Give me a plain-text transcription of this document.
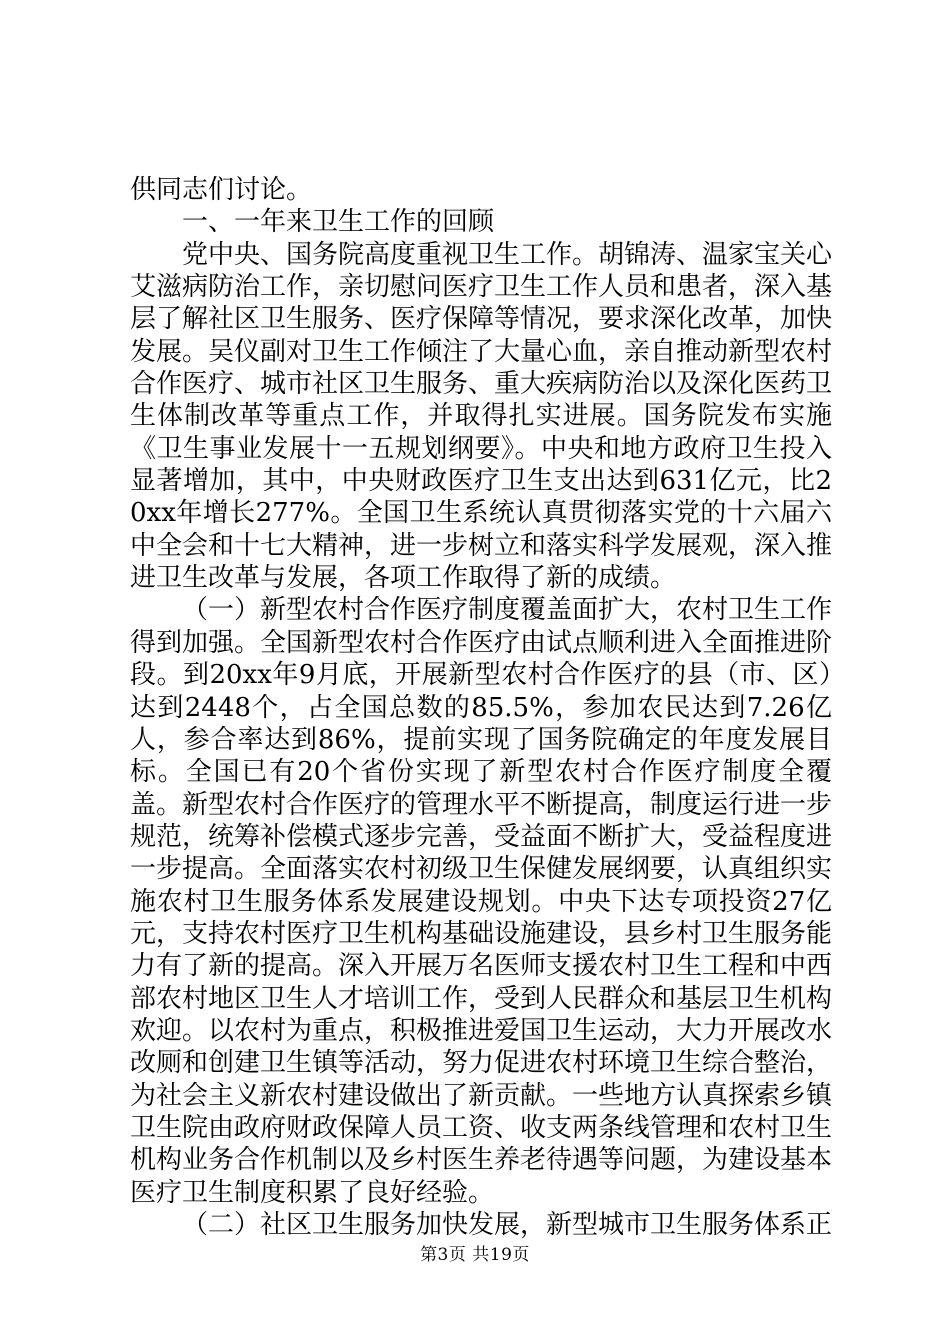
供同志们讨论。

一、一年来卫生工作的回顾

党中央、国务院高度重视卫生工作。胡锦涛、温家宝关心艾滋病防治工作，亲切慰问医疗卫生工作人员和患者，深入基层了解社区卫生服务、医疗保障等情况，要求深化改革，加快发展。吴仪副对卫生工作倾注了大量心血，亲自推动新型农村合作医疗、城市社区卫生服务、重大疾病防治以及深化医药卫生体制改革等重点工作，并取得扎实进展。国务院发布实施《卫生事业发展十一五规划纲要》。中央和地方政府卫生投入显著增加，其中，中央财政医疗卫生支出达到631亿元，比20xx年增长277%。全国卫生系统认真贯彻落实党的十六届六中全会和十七大精神，进一步树立和落实科学发展观，深入推进卫生改革与发展，各项工作取得了新的成绩。

（一）新型农村合作医疗制度覆盖面扩大，农村卫生工作得到加强。全国新型农村合作医疗由试点顺利进入全面推进阶段。到20xx年9月底，开展新型农村合作医疗的县（市、区）达到2448个，占全国总数的85.5%，参加农民达到7.26亿人，参合率达到86%，提前实现了国务院确定的年度发展目标。全国已有20个省份实现了新型农村合作医疗制度全覆盖。新型农村合作医疗的管理水平不断提高，制度运行进一步规范，统筹补偿模式逐步完善，受益面不断扩大，受益程度进一步提高。全面落实农村初级卫生保健发展纲要，认真组织实施农村卫生服务体系发展建设规划。中央下达专项投资27亿元，支持农村医疗卫生机构基础设施建设，县乡村卫生服务能力有了新的提高。深入开展万名医师支援农村卫生工程和中西部农村地区卫生人才培训工作，受到人民群众和基层卫生机构欢迎。以农村为重点，积极推进爱国卫生运动，大力开展改水改厕和创建卫生镇等活动，努力促进农村环境卫生综合整治，为社会主义新农村建设做出了新贡献。一些地方认真探索乡镇卫生院由政府财政保障人员工资、收支两条线管理和农村卫生机构业务合作机制以及乡村医生养老待遇等问题，为建设基本医疗卫生制度积累了良好经验。

（二）社区卫生服务加快发展，新型城市卫生服务体系正

第3页 共19页
